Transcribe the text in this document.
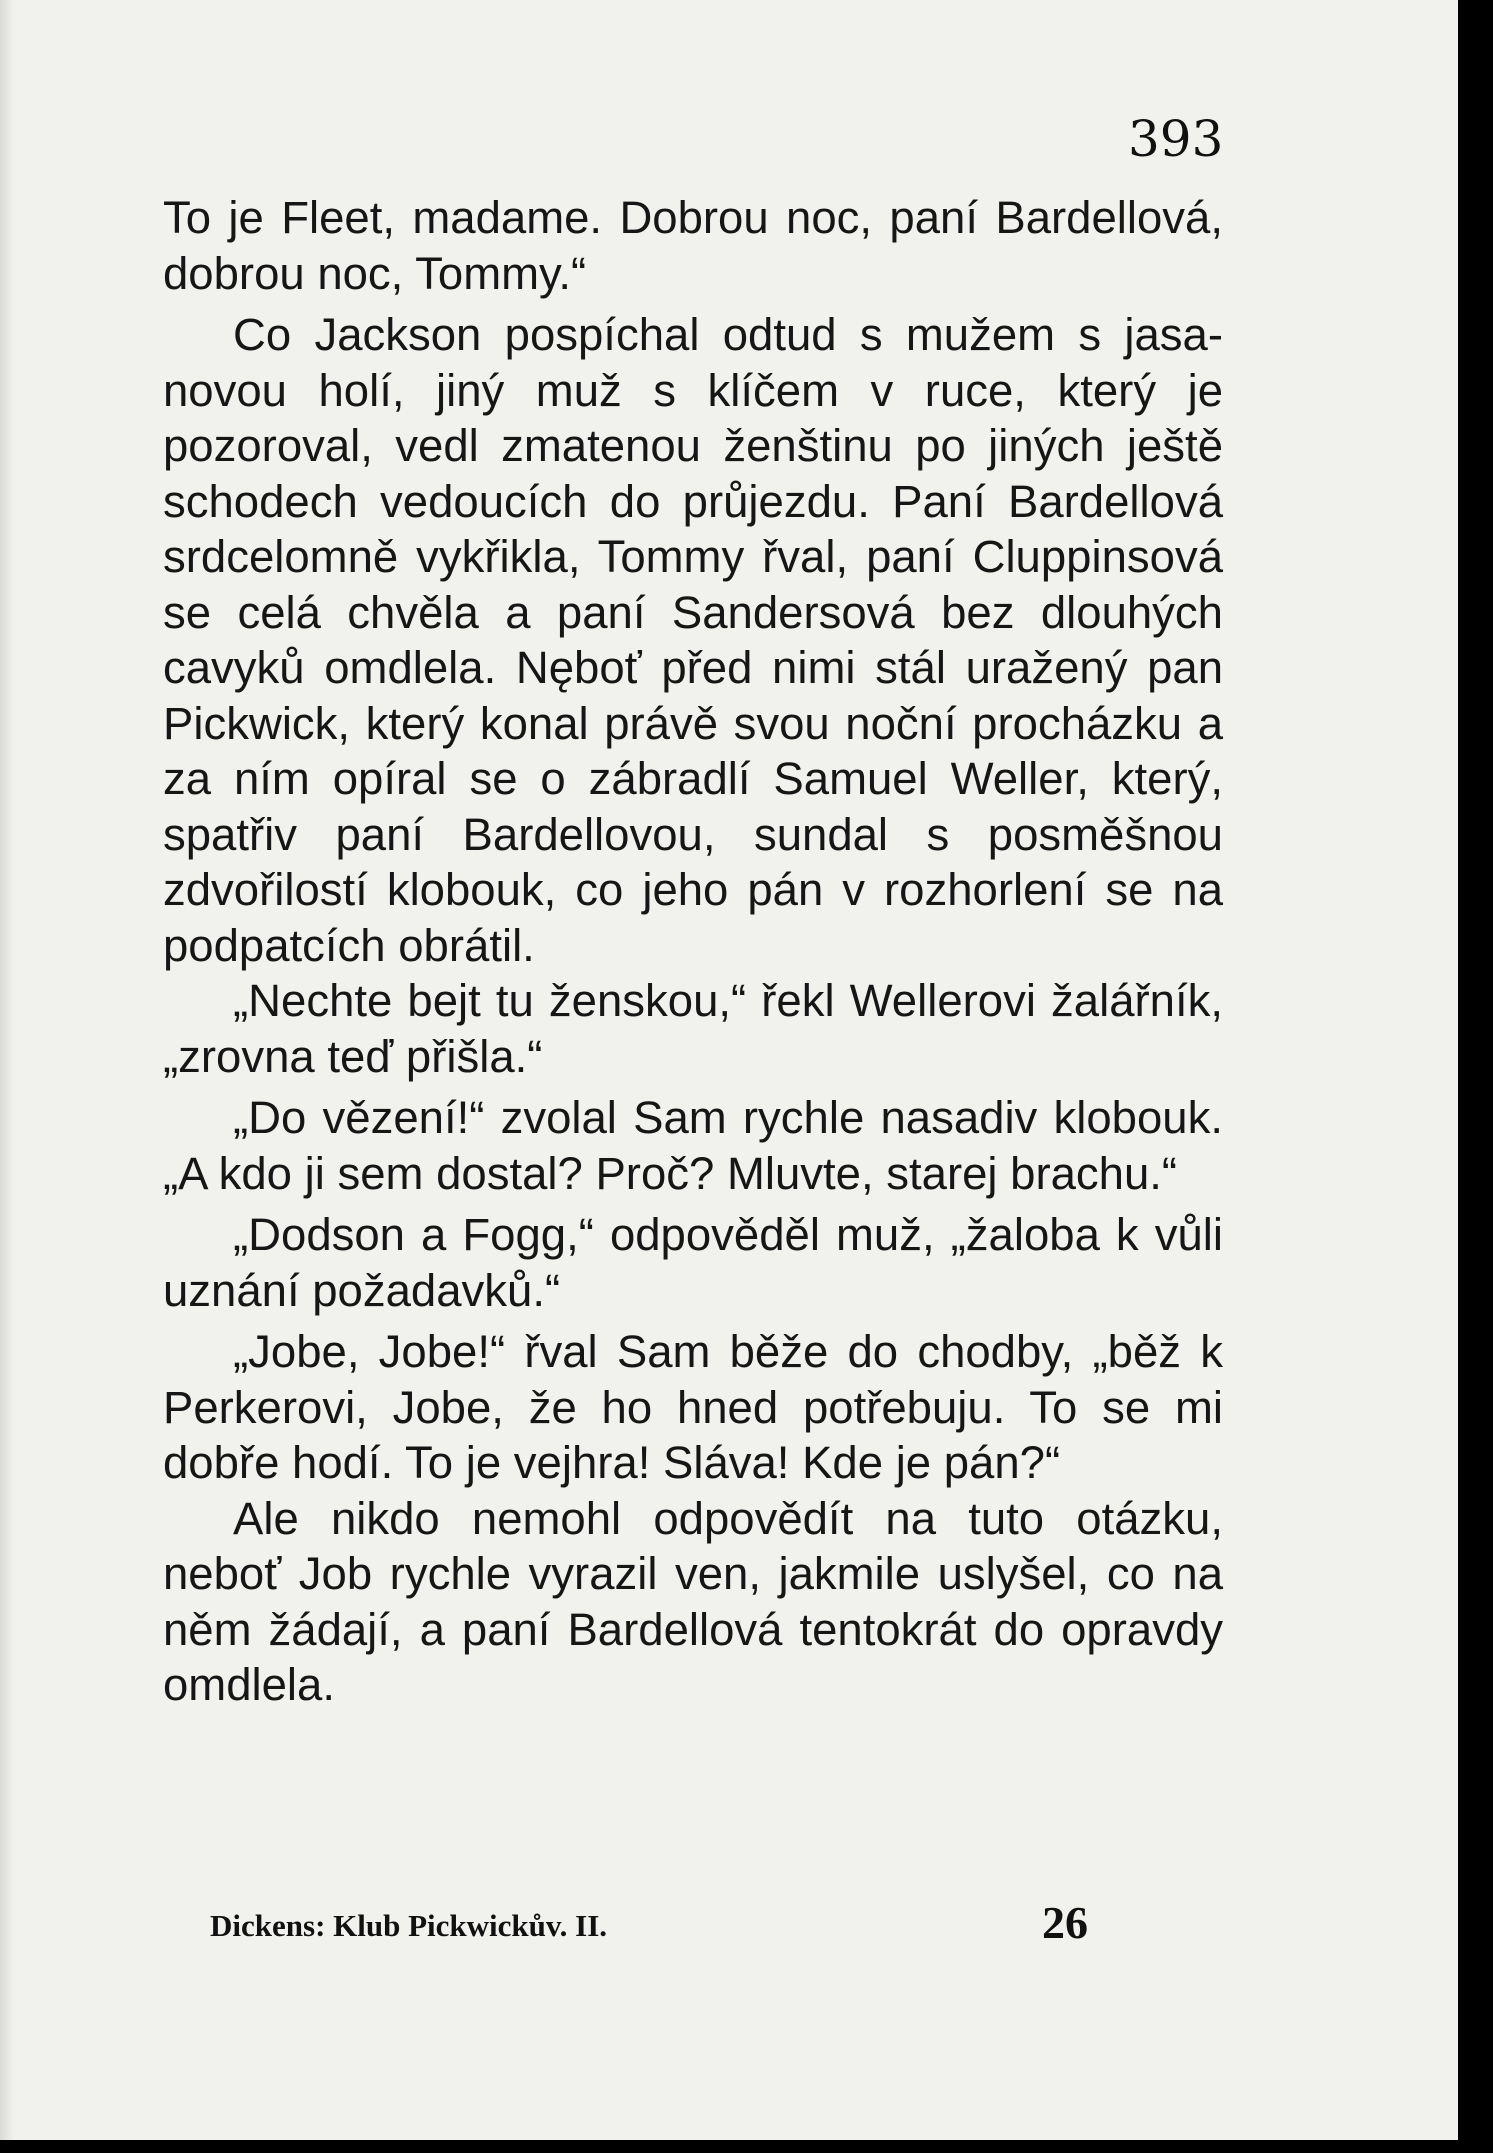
393

To je Fleet, madame. Dobrou noc, paní Bardellová, dobrou noc, Tommy.“

Co Jackson pospíchal odtud s mužem s jasanovou holí, jiný muž s klíčem v ruce, který je pozoroval, vedl zmatenou ženštinu po jiných ještě schodech vedoucích do průjezdu. Paní Bardellová srdcelomně vykřikla, Tommy řval, paní Cluppinsová se celá chvěla a paní Sandersová bez dlouhých cavyků omdlela. Nęboť před nimi stál uražený pan Pickwick, který konal právě svou noční procházku a za ním opíral se o zábradlí Samuel Weller, který, spatřiv paní Bardellovou, sundal s posměšnou zdvořilostí klobouk, co jeho pán v rozhorlení se na podpatcích obrátil.

„Nechte bejt tu ženskou,“ řekl Wellerovi žalářník, „zrovna teď přišla.“

„Do vězení!“ zvolal Sam rychle nasadiv klobouk. „A kdo ji sem dostal? Proč? Mluvte, starej brachu.“

„Dodson a Fogg,“ odpověděl muž, „žaloba k vůli uznání požadavků.“

„Jobe, Jobe!“ řval Sam běže do chodby, „běž k Perkerovi, Jobe, že ho hned potřebuju. To se mi dobře hodí. To je vejhra! Sláva! Kde je pán?“

Ale nikdo nemohl odpovědít na tuto otázku, neboť Job rychle vyrazil ven, jakmile uslyšel, co na něm žádají, a paní Bardellová tentokrát do opravdy omdlela.

Dickens: Klub Pickwickův. II.	26
